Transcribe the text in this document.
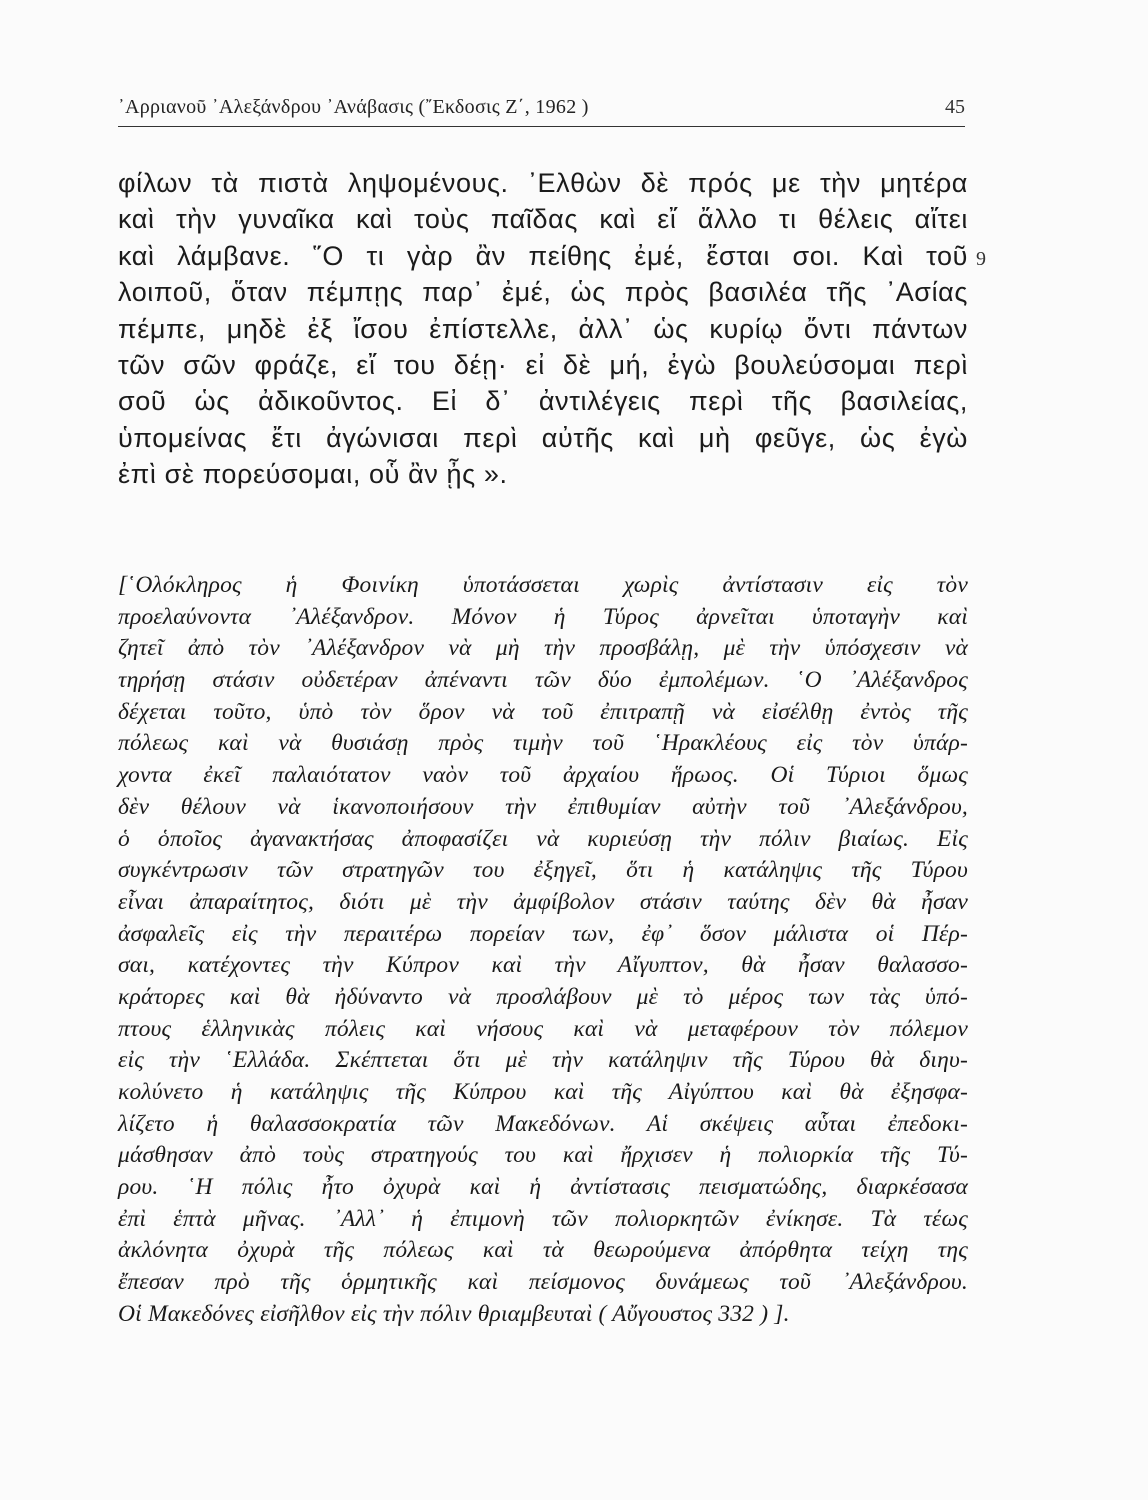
᾽Αρριανοῦ ᾽Αλεξάνδρου ᾽Ανάβασις (῎Εκδοσις Ζ΄, 1962 )	45
9
φίλων τὰ πιστὰ ληψομένους. ᾽Ελθὼν δὲ πρός με τὴν μητέρα
καὶ τὴν γυναῖκα καὶ τοὺς παῖδας καὶ εἴ ἄλλο τι θέλεις αἴτει
καὶ λάμβανε. ῞Ο τι γὰρ ἂν πείθης ἐμέ, ἔσται σοι. Καὶ τοῦ
λοιποῦ, ὅταν πέμπῃς παρ᾽ ἐμέ, ὡς πρὸς βασιλέα τῆς ᾽Ασίας
πέμπε, μηδὲ ἐξ ἴσου ἐπίστελλε, ἀλλ᾽ ὡς κυρίῳ ὄντι πάντων
τῶν σῶν φράζε, εἴ του δέῃ· εἰ δὲ μή, ἐγὼ βουλεύσομαι περὶ
σοῦ ὡς ἀδικοῦντος. Εἰ δ᾽ ἀντιλέγεις περὶ τῆς βασιλείας,
ὑπομείνας ἔτι ἀγώνισαι περὶ αὐτῆς καὶ μὴ φεῦγε, ὡς ἐγὼ
ἐπὶ σὲ πορεύσομαι, οὗ ἂν ᾖς ».
[῾Ολόκληρος ἡ Φοινίκη ὑποτάσσεται χωρὶς ἀντίστασιν εἰς τὸν
προελαύνοντα ᾽Αλέξανδρον. Μόνον ἡ Τύρος ἀρνεῖται ὑποταγὴν καὶ
ζητεῖ ἀπὸ τὸν ᾽Αλέξανδρον νὰ μὴ τὴν προσβάλῃ, μὲ τὴν ὑπόσχεσιν νὰ
τηρήσῃ στάσιν οὐδετέραν ἀπέναντι τῶν δύο ἐμπολέμων. ῾Ο ᾽Αλέξανδρος
δέχεται τοῦτο, ὑπὸ τὸν ὅρον νὰ τοῦ ἐπιτραπῇ νὰ εἰσέλθῃ ἐντὸς τῆς
πόλεως καὶ νὰ θυσιάσῃ πρὸς τιμὴν τοῦ ῾Ηρακλέους εἰς τὸν ὑπάρ-
χοντα ἐκεῖ παλαιότατον ναὸν τοῦ ἀρχαίου ἥρωος. Οἱ Τύριοι ὅμως
δὲν θέλουν νὰ ἱκανοποιήσουν τὴν ἐπιθυμίαν αὐτὴν τοῦ ᾽Αλεξάνδρου,
ὁ ὁποῖος ἀγανακτήσας ἀποφασίζει νὰ κυριεύσῃ τὴν πόλιν βιαίως. Εἰς
συγκέντρωσιν τῶν στρατηγῶν του ἐξηγεῖ, ὅτι ἡ κατάληψις τῆς Τύρου
εἶναι ἀπαραίτητος, διότι μὲ τὴν ἀμφίβολον στάσιν ταύτης δὲν θὰ ἦσαν
ἀσφαλεῖς εἰς τὴν περαιτέρω πορείαν των, ἐφ᾽ ὅσον μάλιστα οἱ Πέρ-
σαι, κατέχοντες τὴν Κύπρον καὶ τὴν Αἴγυπτον, θὰ ἦσαν θαλασσο-
κράτορες καὶ θὰ ἠδύναντο νὰ προσλάβουν μὲ τὸ μέρος των τὰς ὑπό-
πτους ἑλληνικὰς πόλεις καὶ νήσους καὶ νὰ μεταφέρουν τὸν πόλεμον
εἰς τὴν ῾Ελλάδα. Σκέπτεται ὅτι μὲ τὴν κατάληψιν τῆς Τύρου θὰ διηυ-
κολύνετο ἡ κατάληψις τῆς Κύπρου καὶ τῆς Αἰγύπτου καὶ θὰ ἐξησφα-
λίζετο ἡ θαλασσοκρατία τῶν Μακεδόνων. Αἱ σκέψεις αὗται ἐπεδοκι-
μάσθησαν ἀπὸ τοὺς στρατηγούς του καὶ ἤρχισεν ἡ πολιορκία τῆς Τύ-
ρου. ῾Η πόλις ἦτο ὀχυρὰ καὶ ἡ ἀντίστασις πεισματώδης, διαρκέσασα
ἐπὶ ἑπτὰ μῆνας. ᾽Αλλ᾽ ἡ ἐπιμονὴ τῶν πολιορκητῶν ἐνίκησε. Τὰ τέως
ἀκλόνητα ὀχυρὰ τῆς πόλεως καὶ τὰ θεωρούμενα ἀπόρθητα τείχη της
ἔπεσαν πρὸ τῆς ὁρμητικῆς καὶ πείσμονος δυνάμεως τοῦ ᾽Αλεξάνδρου.
Οἱ Μακεδόνες εἰσῆλθον εἰς τὴν πόλιν θριαμβευταὶ ( Αὔγουστος 332 ) ].
